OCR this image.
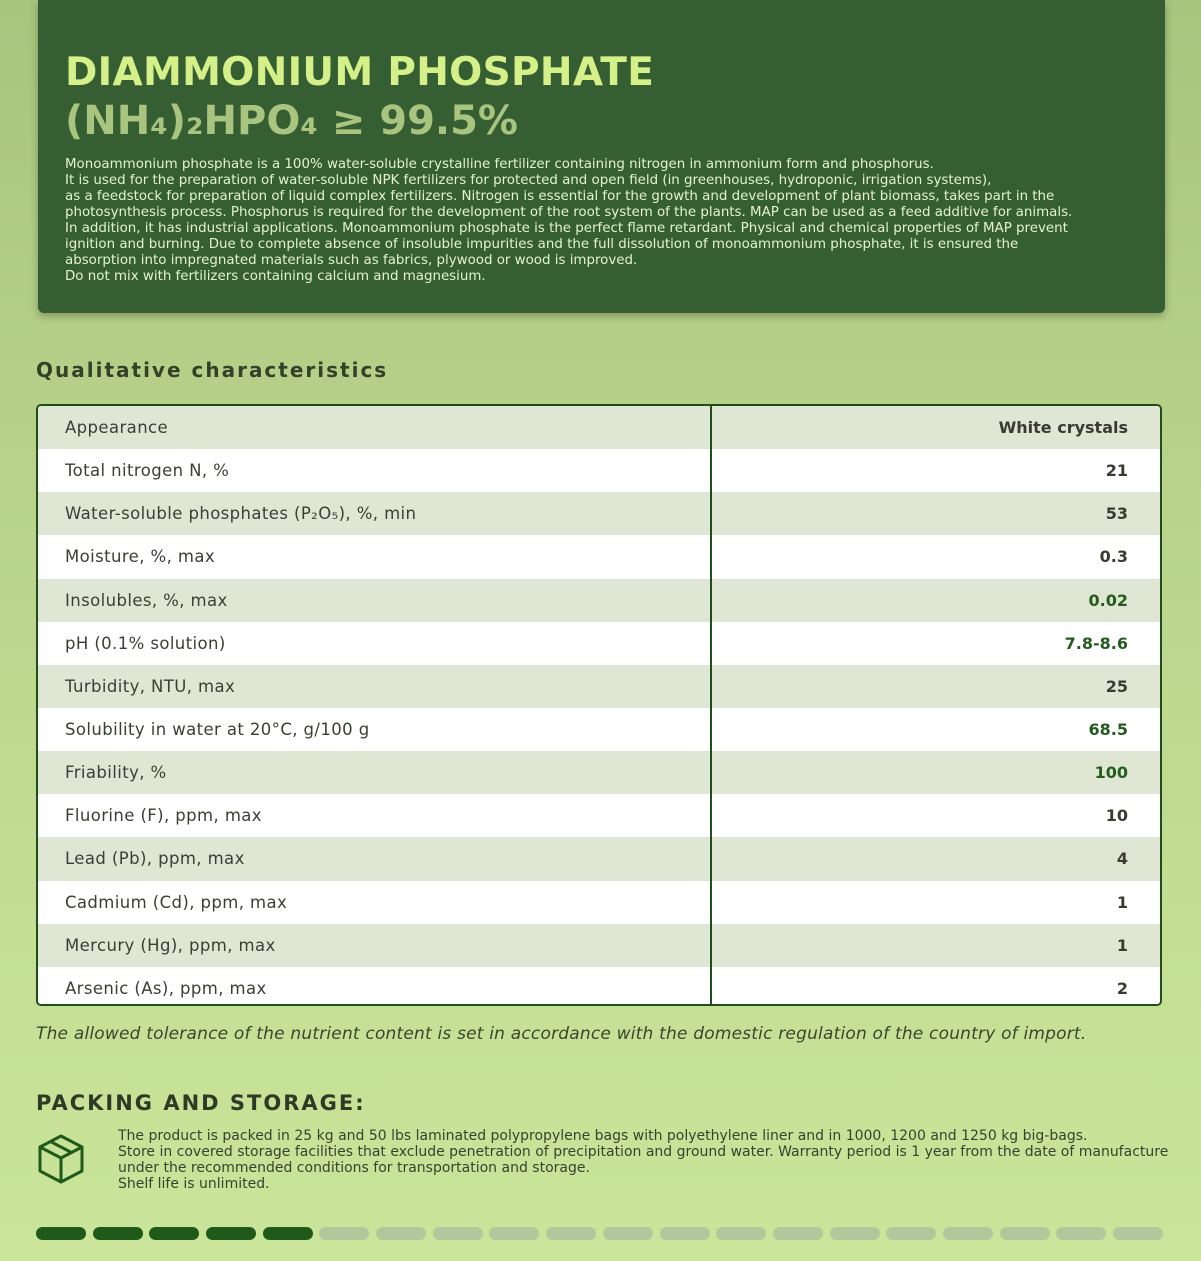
DIAMMONIUM PHOSPHATE
(NH₄)₂HPO₄ ≥ 99.5%
Monoammonium phosphate is a 100% water-soluble crystalline fertilizer containing nitrogen in ammonium form and phosphorus.
It is used for the preparation of water-soluble NPK fertilizers for protected and open field (in greenhouses, hydroponic, irrigation systems),
as a feedstock for preparation of liquid complex fertilizers. Nitrogen is essential for the growth and development of plant biomass, takes part in the
photosynthesis process. Phosphorus is required for the development of the root system of the plants. MAP can be used as a feed additive for animals.
In addition, it has industrial applications. Monoammonium phosphate is the perfect flame retardant. Physical and chemical properties of MAP prevent
ignition and burning. Due to complete absence of insoluble impurities and the full dissolution of monoammonium phosphate, it is ensured the
absorption into impregnated materials such as fabrics, plywood or wood is improved.
Do not mix with fertilizers containing calcium and magnesium.
Qualitative characteristics
Appearance	White crystals
Total nitrogen N, %	21
Water-soluble phosphates (P₂O₅), %, min	53
Moisture, %, max	0.3
Insolubles, %, max	0.02
pH (0.1% solution)	7.8-8.6
Turbidity, NTU, max	25
Solubility in water at 20°C, g/100 g	68.5
Friability, %	100
Fluorine (F), ppm, max	10
Lead (Pb), ppm, max	4
Cadmium (Cd), ppm, max	1
Mercury (Hg), ppm, max	1
Arsenic (As), ppm, max	2
The allowed tolerance of the nutrient content is set in accordance with the domestic regulation of the country of import.
PACKING AND STORAGE:
The product is packed in 25 kg and 50 lbs laminated polypropylene bags with polyethylene liner and in 1000, 1200 and 1250 kg big-bags.
Store in covered storage facilities that exclude penetration of precipitation and ground water. Warranty period is 1 year from the date of manufacture
under the recommended conditions for transportation and storage.
Shelf life is unlimited.
